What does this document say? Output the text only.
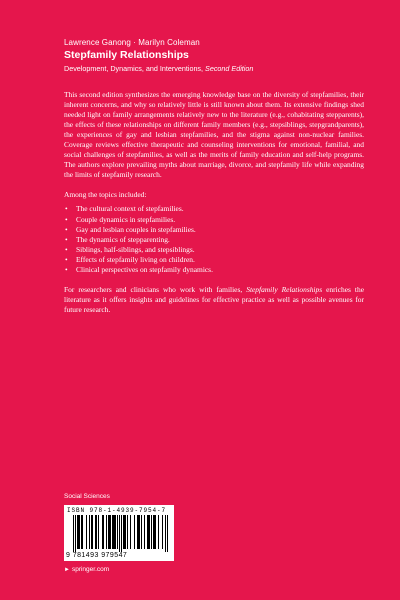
Lawrence Ganong · Marilyn Coleman
Stepfamily Relationships
Development, Dynamics, and Interventions, Second Edition

This second edition synthesizes the emerging knowledge base on the diversity of stepfamilies, their inherent concerns, and why so relatively little is still known about them. Its extensive findings shed needed light on family arrangements relatively new to the literature (e.g., cohabitating stepparents), the effects of these relationships on different family members (e.g., stepsiblings, stepgrandparents), the experiences of gay and lesbian stepfamilies, and the stigma against non-nuclear families. Coverage reviews effective therapeutic and counseling interventions for emotional, familial, and social challenges of stepfamilies, as well as the merits of family education and self-help programs. The authors explore prevailing myths about marriage, divorce, and stepfamily life while expanding the limits of stepfamily research.

Among the topics included:

• The cultural context of stepfamilies.
• Couple dynamics in stepfamilies.
• Gay and lesbian couples in stepfamilies.
• The dynamics of stepparenting.
• Siblings, half-siblings, and stepsiblings.
• Effects of stepfamily living on children.
• Clinical perspectives on stepfamily dynamics.

For researchers and clinicians who work with families, Stepfamily Relationships enriches the literature as it offers insights and guidelines for effective practice as well as possible avenues for future research.

Social Sciences
ISBN 978-1-4939-7954-7
9 781493 979547
► springer.com
